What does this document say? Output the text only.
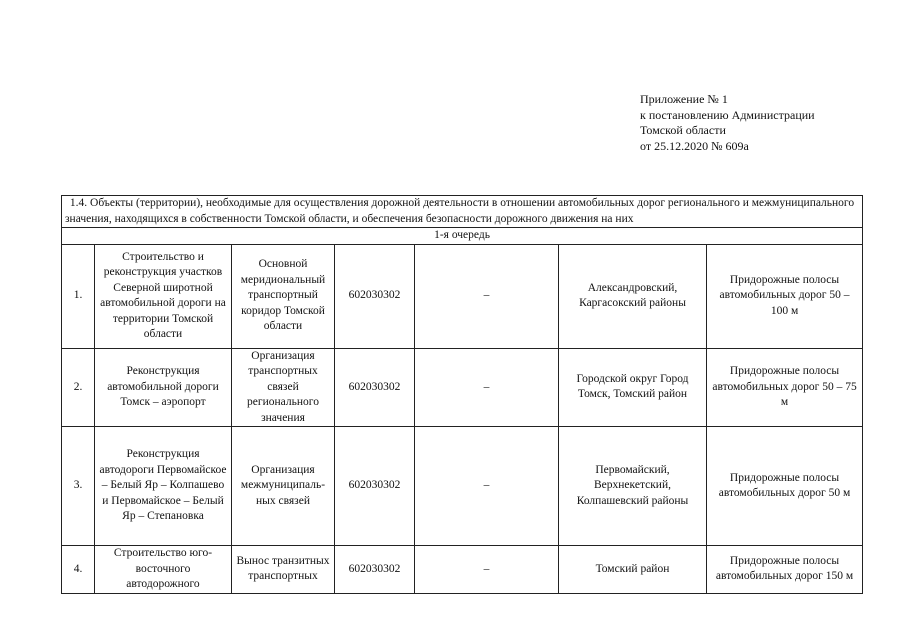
Приложение № 1
к постановлению Администрации
Томской области
от 25.12.2020 № 609а
1.4. Объекты (территории), необходимые для осуществления дорожной деятельности в отношении автомобильных дорог регионального и межмуниципального значения, находящихся в собственности Томской области, и обеспечения безопасности дорожного движения на них						
1-я очередь						
1.	Строительство и реконструкция участков Северной широтной автомобильной дороги на территории Томской области	Основной меридиональный транспортный коридор Томской области	602030302	–	Александровский, Каргасокский районы	Придорожные полосы автомобильных дорог 50 – 100 м
2.	Реконструкция автомобильной дороги Томск – аэропорт	Организация транспортных связей регионального значения	602030302	–	Городской округ Город Томск, Томский район	Придорожные полосы автомобильных дорог 50 – 75 м
3.	Реконструкция автодороги Первомайское – Белый Яр – Колпашево и Первомайское – Белый Яр – Степановка	Организация межмуниципаль-ных связей	602030302	–	Первомайский, Верхнекетский, Колпашевский районы	Придорожные полосы автомобильных дорог 50 м
4.	Строительство юго-восточного автодорожного	Вынос транзитных транспортных	602030302	–	Томский район	Придорожные полосы автомобильных дорог 150 м
